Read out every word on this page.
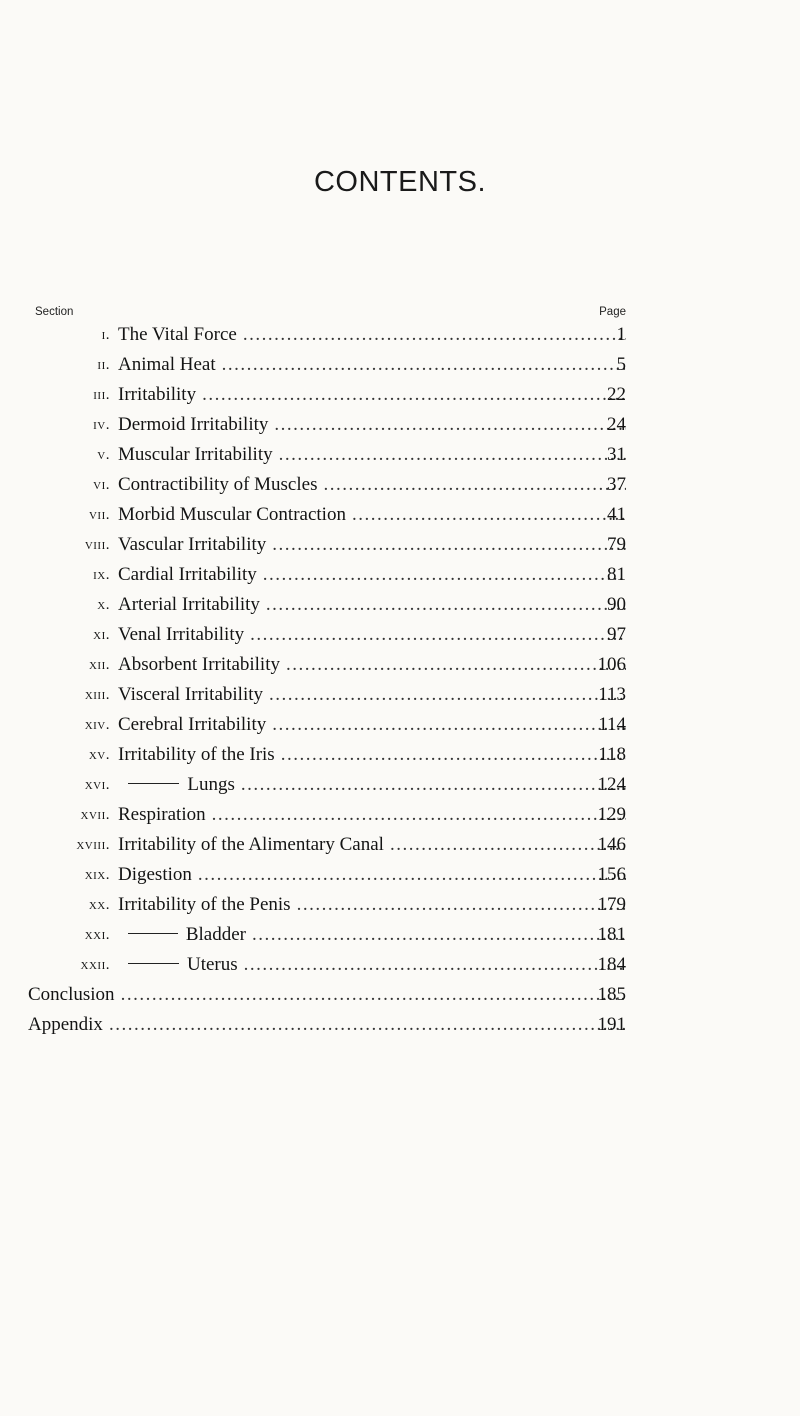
CONTENTS.
Section	Page
i. The Vital Force .....	1
ii. Animal Heat .....	5
iii. Irritability .....	22
iv. Dermoid Irritability .....	24
v. Muscular Irritability .....	31
vi. Contractibility of Muscles .....	37
vii. Morbid Muscular Contraction .....	41
viii. Vascular Irritability .....	79
ix. Cardial Irritability .....	81
x. Arterial Irritability .....	90
xi. Venal Irritability .....	97
xii. Absorbent Irritability .....	106
xiii. Visceral Irritability .....	113
xiv. Cerebral Irritability .....	114
xv. Irritability of the Iris .....	118
xvi.	Lungs .....	124
xvii. Respiration .....	129
xviii. Irritability of the Alimentary Canal .....	146
xix. Digestion .....	156
xx. Irritability of the Penis .....	179
xxi.	Bladder .....	181
xxii.	Uterus .....	184
Conclusion .....	185
Appendix .....	191
